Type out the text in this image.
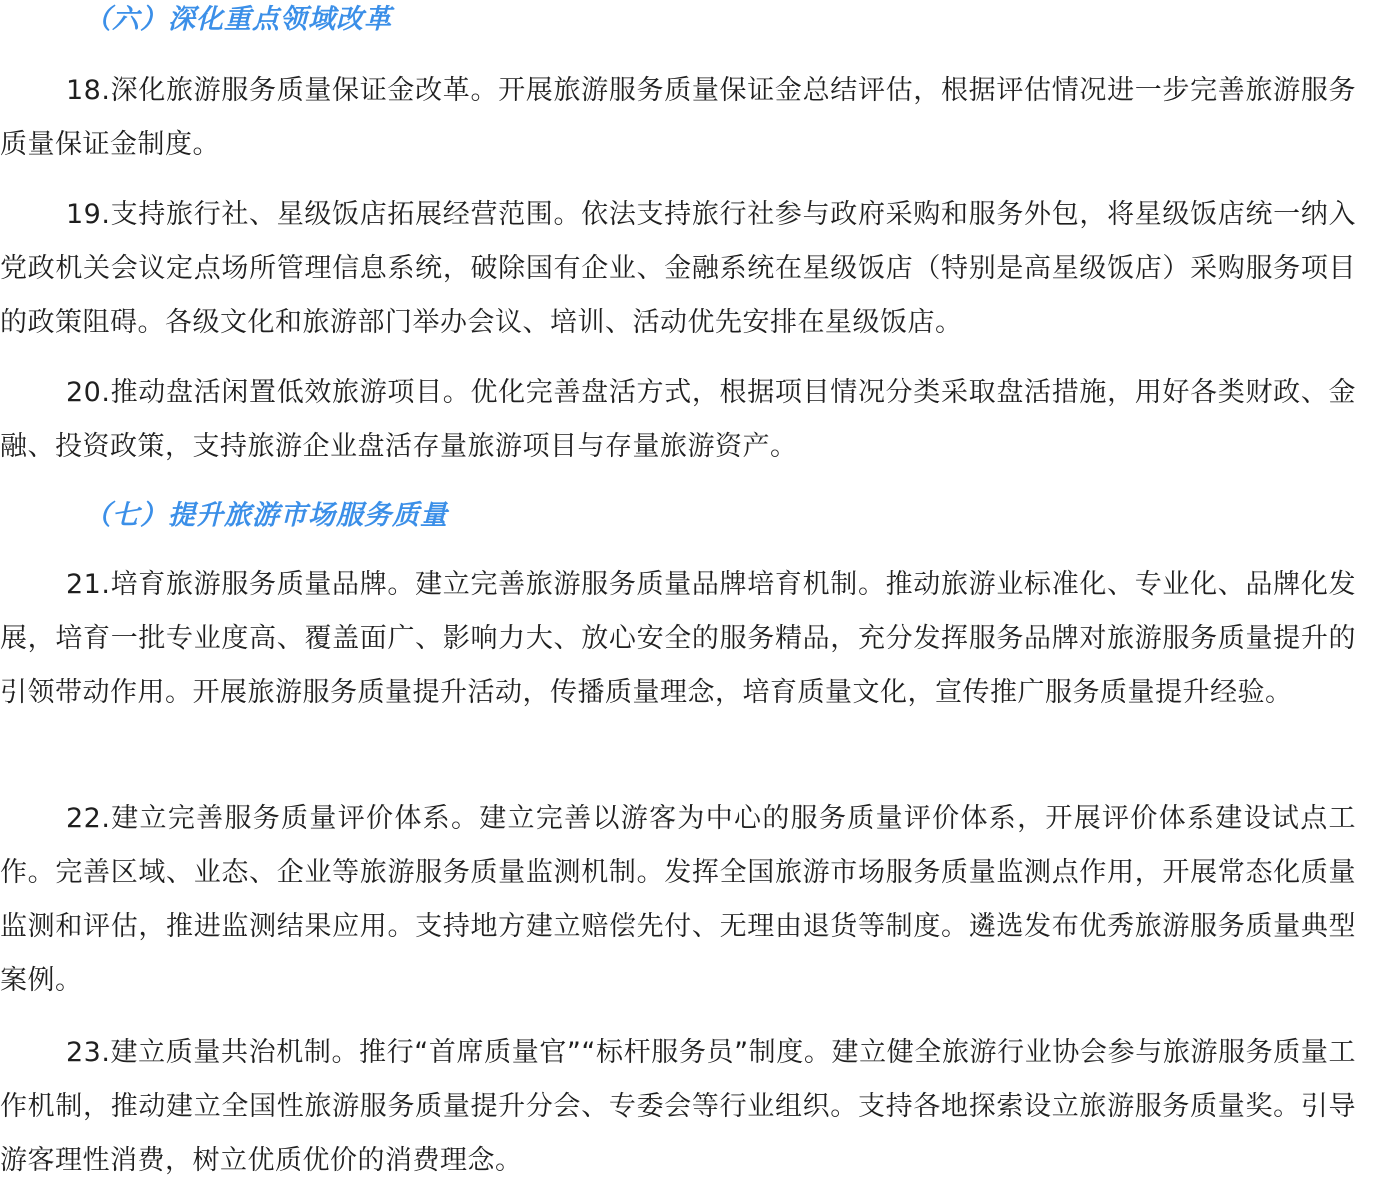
（六）深化重点领域改革

18.深化旅游服务质量保证金改革。开展旅游服务质量保证金总结评估，根据评估情况进一步完善旅游服务质量保证金制度。

19.支持旅行社、星级饭店拓展经营范围。依法支持旅行社参与政府采购和服务外包，将星级饭店统一纳入党政机关会议定点场所管理信息系统，破除国有企业、金融系统在星级饭店（特别是高星级饭店）采购服务项目的政策阻碍。各级文化和旅游部门举办会议、培训、活动优先安排在星级饭店。

20.推动盘活闲置低效旅游项目。优化完善盘活方式，根据项目情况分类采取盘活措施，用好各类财政、金融、投资政策，支持旅游企业盘活存量旅游项目与存量旅游资产。

（七）提升旅游市场服务质量

21.培育旅游服务质量品牌。建立完善旅游服务质量品牌培育机制。推动旅游业标准化、专业化、品牌化发展，培育一批专业度高、覆盖面广、影响力大、放心安全的服务精品，充分发挥服务品牌对旅游服务质量提升的引领带动作用。开展旅游服务质量提升活动，传播质量理念，培育质量文化，宣传推广服务质量提升经验。

22.建立完善服务质量评价体系。建立完善以游客为中心的服务质量评价体系，开展评价体系建设试点工作。完善区域、业态、企业等旅游服务质量监测机制。发挥全国旅游市场服务质量监测点作用，开展常态化质量监测和评估，推进监测结果应用。支持地方建立赔偿先付、无理由退货等制度。遴选发布优秀旅游服务质量典型案例。

23.建立质量共治机制。推行“首席质量官”“标杆服务员”制度。建立健全旅游行业协会参与旅游服务质量工作机制，推动建立全国性旅游服务质量提升分会、专委会等行业组织。支持各地探索设立旅游服务质量奖。引导游客理性消费，树立优质优价的消费理念。
